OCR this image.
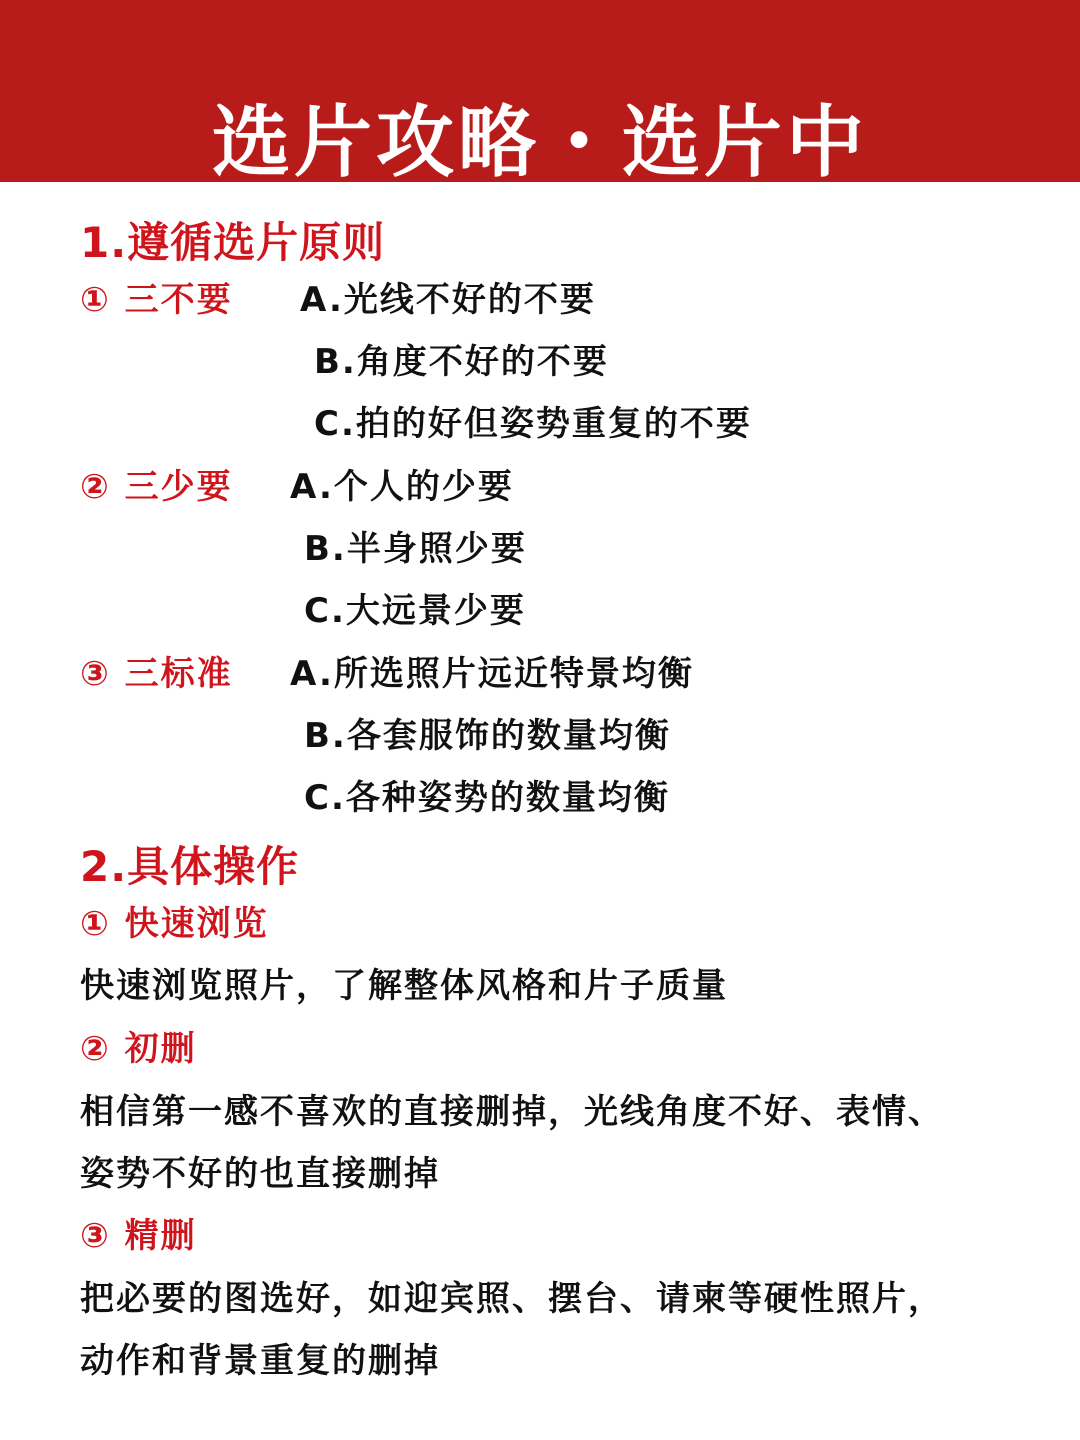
选片攻略・选片中
1.遵循选片原则
① 三不要 A.光线不好的不要
B.角度不好的不要
C.拍的好但姿势重复的不要
② 三少要 A.个人的少要
B.半身照少要
C.大远景少要
③ 三标准 A.所选照片远近特景均衡
B.各套服饰的数量均衡
C.各种姿势的数量均衡
2.具体操作
① 快速浏览
快速浏览照片，了解整体风格和片子质量
② 初删
相信第一感不喜欢的直接删掉，光线角度不好、表情、
姿势不好的也直接删掉
③ 精删
把必要的图选好，如迎宾照、摆台、请柬等硬性照片，
动作和背景重复的删掉
